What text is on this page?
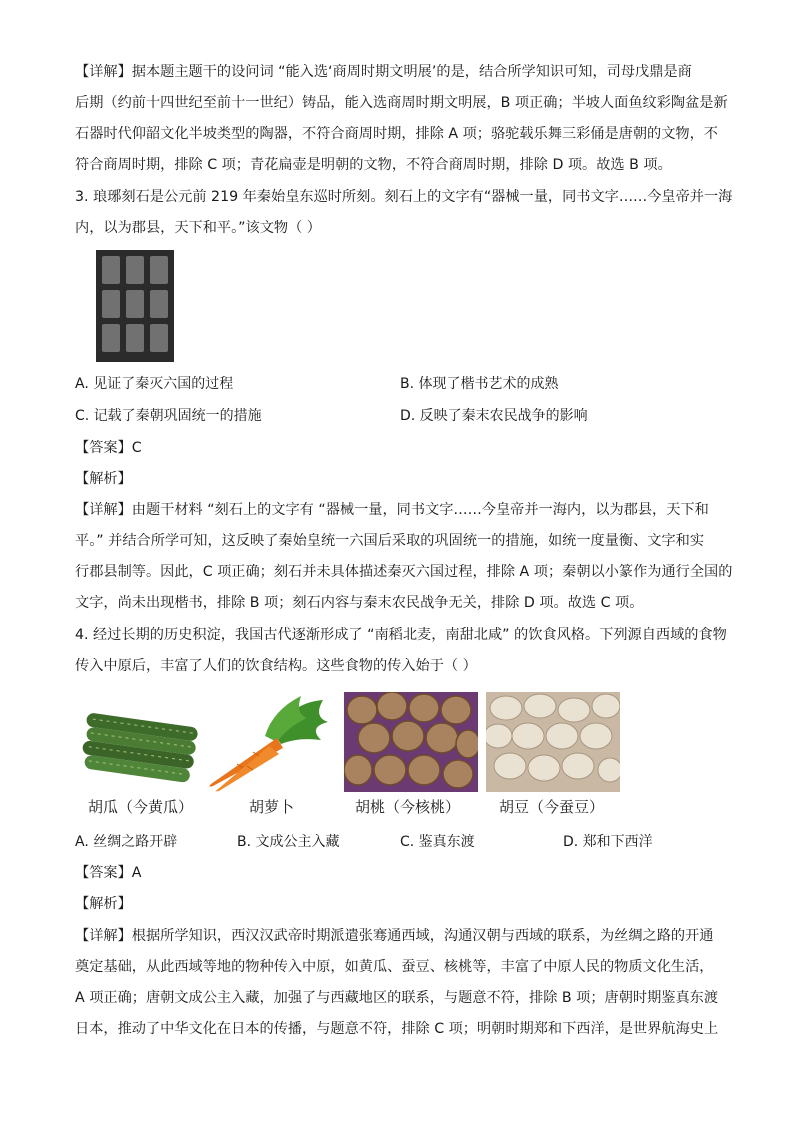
【详解】据本题主题干的设问词 “能入选‘商周时期文明展’的是，结合所学知识可知，司母戊鼎是商
后期（约前十四世纪至前十一世纪）铸品，能入选商周时期文明展，B 项正确；半坡人面鱼纹彩陶盆是新
石器时代仰韶文化半坡类型的陶器，不符合商周时期，排除 A 项；骆驼载乐舞三彩俑是唐朝的文物，不
符合商周时期，排除 C 项；青花扁壶是明朝的文物，不符合商周时期，排除 D 项。故选 B 项。
3. 琅琊刻石是公元前 219 年秦始皇东巡时所刻。刻石上的文字有“器械一量，同书文字……今皇帝并一海
内，以为郡县，天下和平。”该文物（ ）
A. 见证了秦灭六国的过程	B. 体现了楷书艺术的成熟
C. 记载了秦朝巩固统一的措施	D. 反映了秦末农民战争的影响
【答案】C
【解析】
【详解】由题干材料 “刻石上的文字有 “器械一量，同书文字……今皇帝并一海内，以为郡县，天下和
平。” 并结合所学可知，这反映了秦始皇统一六国后采取的巩固统一的措施，如统一度量衡、文字和实
行郡县制等。因此，C 项正确；刻石并未具体描述秦灭六国过程，排除 A 项；秦朝以小篆作为通行全国的
文字，尚未出现楷书，排除 B 项；刻石内容与秦末农民战争无关，排除 D 项。故选 C 项。
4. 经过长期的历史积淀，我国古代逐渐形成了 “南稻北麦，南甜北咸” 的饮食风格。下列源自西域的食物
传入中原后，丰富了人们的饮食结构。这些食物的传入始于（ ）
胡瓜（今黄瓜）	胡萝卜	胡桃（今核桃）	胡豆（今蚕豆）
A. 丝绸之路开辟	B. 文成公主入藏	C. 鉴真东渡	D. 郑和下西洋
【答案】A
【解析】
【详解】根据所学知识，西汉汉武帝时期派遣张骞通西域，沟通汉朝与西域的联系，为丝绸之路的开通
奠定基础，从此西域等地的物种传入中原，如黄瓜、蚕豆、核桃等，丰富了中原人民的物质文化生活，
A 项正确；唐朝文成公主入藏，加强了与西藏地区的联系，与题意不符，排除 B 项；唐朝时期鉴真东渡
日本，推动了中华文化在日本的传播，与题意不符，排除 C 项；明朝时期郑和下西洋，是世界航海史上
